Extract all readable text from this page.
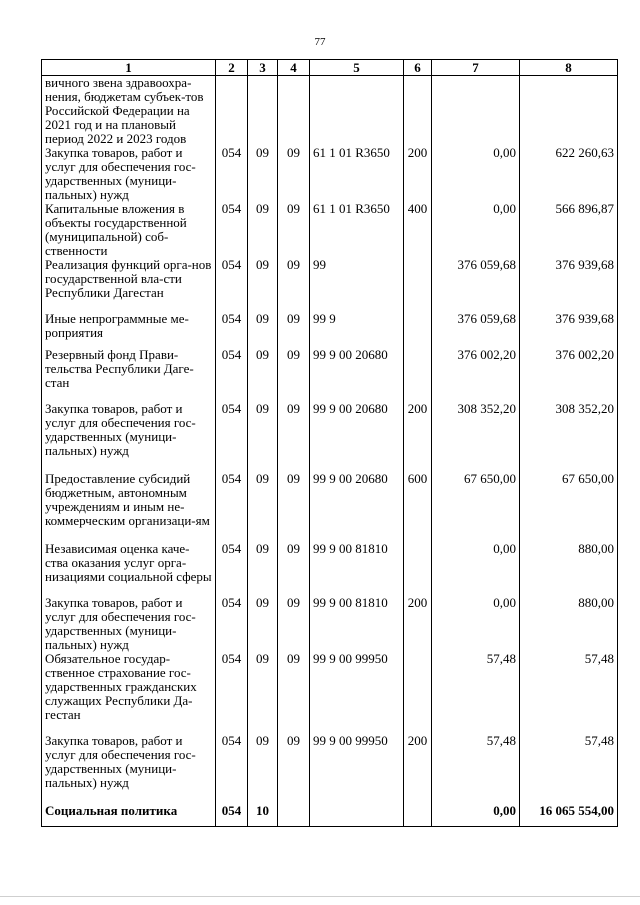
77
1	2	3	4	5	6	7	8
вичного звена здравоохра-нения, бюджетам субъек-тов Российской Федерации на 2021 год и на плановый период 2022 и 2023 годов							
Закупка товаров, работ и услуг для обеспечения гос-ударственных (муници-пальных) нужд	054	09	09	61 1 01 R3650	200	0,00	622 260,63
Капитальные вложения в объекты государственной (муниципальной) соб-ственности	054	09	09	61 1 01 R3650	400	0,00	566 896,87
Реализация функций орга-нов государственной вла-сти Республики Дагестан	054	09	09	99		376 059,68	376 939,68
Иные непрограммные ме-роприятия	054	09	09	99 9		376 059,68	376 939,68
Резервный фонд Прави-тельства Республики Даге-стан	054	09	09	99 9 00 20680		376 002,20	376 002,20
Закупка товаров, работ и услуг для обеспечения гос-ударственных (муници-пальных) нужд	054	09	09	99 9 00 20680	200	308 352,20	308 352,20
Предоставление субсидий бюджетным, автономным учреждениям и иным не-коммерческим организаци-ям	054	09	09	99 9 00 20680	600	67 650,00	67 650,00
Независимая оценка каче-ства оказания услуг орга-низациями социальной сферы	054	09	09	99 9 00 81810		0,00	880,00
Закупка товаров, работ и услуг для обеспечения гос-ударственных (муници-пальных) нужд	054	09	09	99 9 00 81810	200	0,00	880,00
Обязательное государ-ственное страхование гос-ударственных гражданских служащих Республики Да-гестан	054	09	09	99 9 00 99950		57,48	57,48
Закупка товаров, работ и услуг для обеспечения гос-ударственных (муници-пальных) нужд	054	09	09	99 9 00 99950	200	57,48	57,48
Социальная политика	054	10				0,00	16 065 554,00
